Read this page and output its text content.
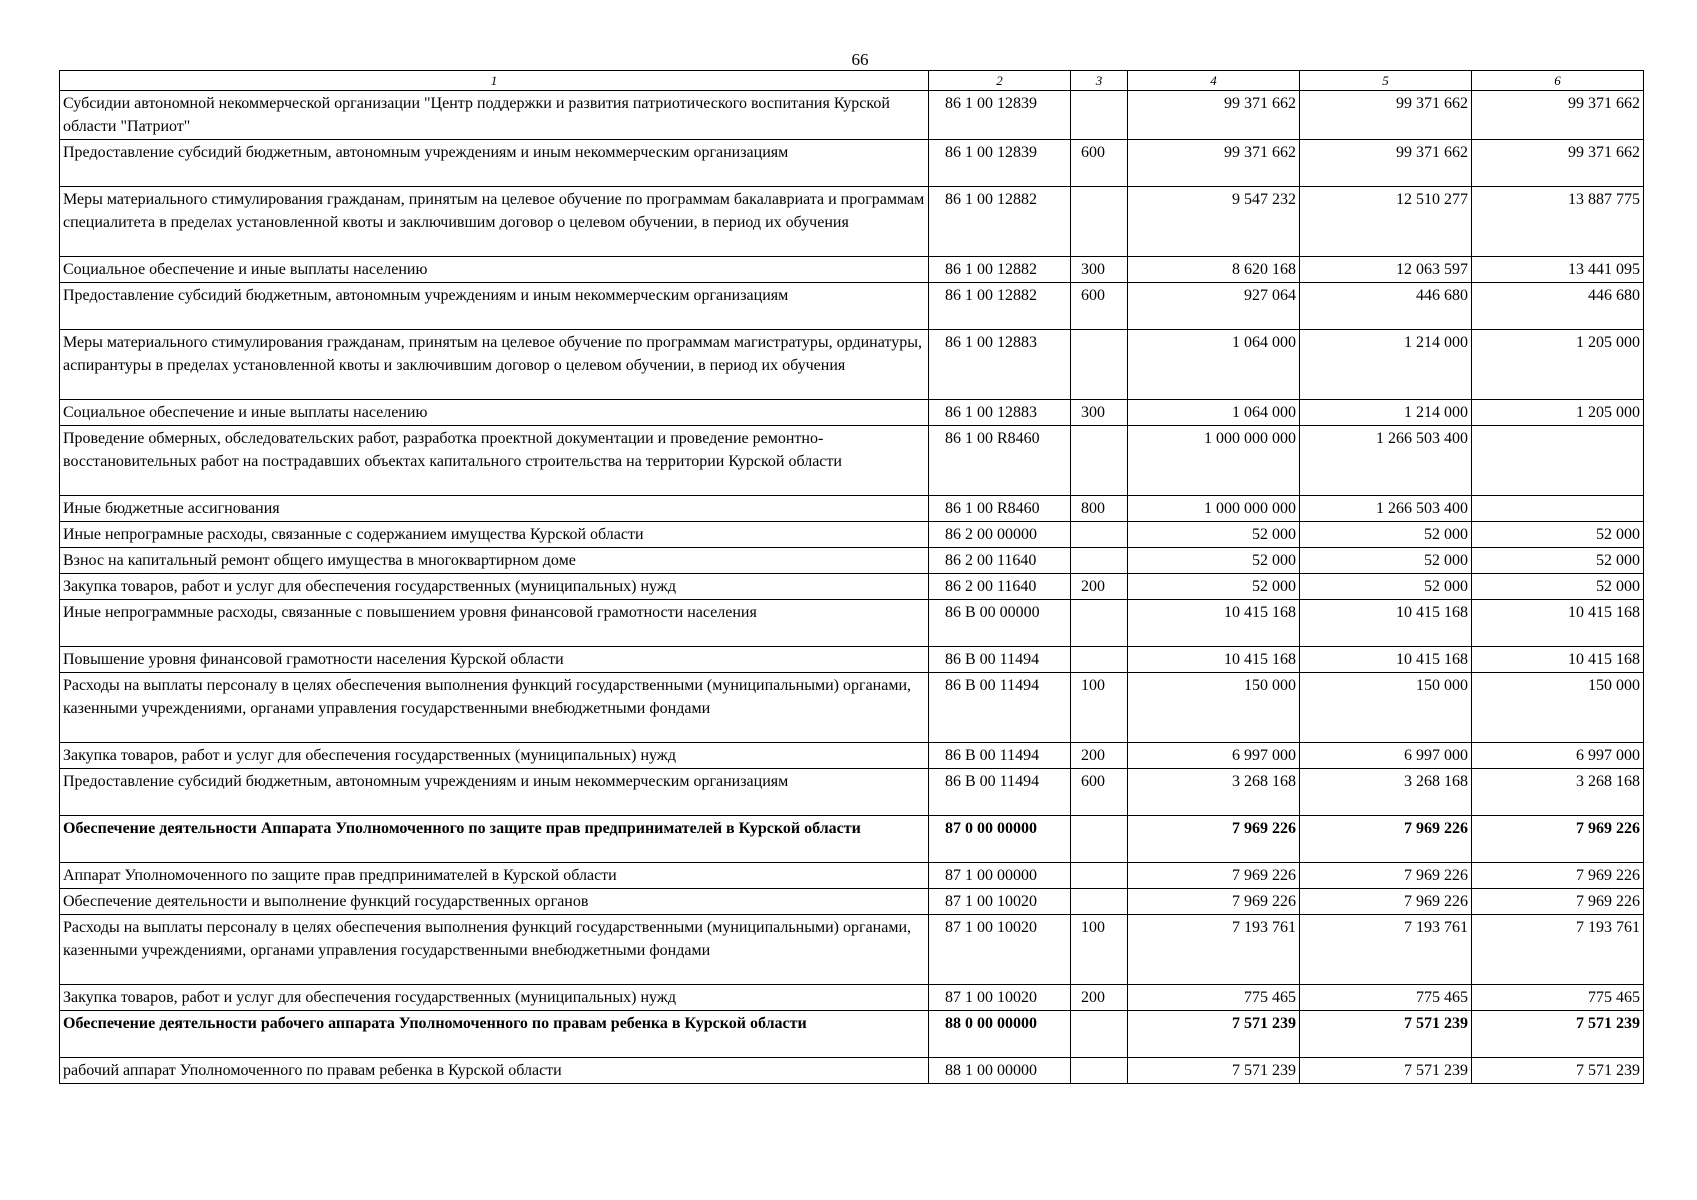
66
1	2	3	4	5	6
Субсидии автономной некоммерческой организации "Центр поддержки и развития патриотического воспитания Курской области "Патриот"	86 1 00 12839		99 371 662	99 371 662	99 371 662
Предоставление субсидий бюджетным, автономным учреждениям и иным некоммерческим организациям	86 1 00 12839	600	99 371 662	99 371 662	99 371 662
Меры материального стимулирования гражданам, принятым на целевое обучение по программам бакалавриата и программам специалитета в пределах установленной квоты и заключившим договор о целевом обучении, в период их обучения	86 1 00 12882		9 547 232	12 510 277	13 887 775
Социальное обеспечение и иные выплаты населению	86 1 00 12882	300	8 620 168	12 063 597	13 441 095
Предоставление субсидий бюджетным, автономным учреждениям и иным некоммерческим организациям	86 1 00 12882	600	927 064	446 680	446 680
Меры материального стимулирования гражданам, принятым на целевое обучение по программам магистратуры, ординатуры, аспирантуры в пределах установленной квоты и заключившим договор о целевом обучении, в период их обучения	86 1 00 12883		1 064 000	1 214 000	1 205 000
Социальное обеспечение и иные выплаты населению	86 1 00 12883	300	1 064 000	1 214 000	1 205 000
Проведение обмерных, обследовательских работ, разработка проектной документации и проведение ремонтно-восстановительных работ на пострадавших объектах капитального строительства на территории Курской области	86 1 00 R8460		1 000 000 000	1 266 503 400	
Иные бюджетные ассигнования	86 1 00 R8460	800	1 000 000 000	1 266 503 400	
Иные непрограмные расходы, связанные с содержанием имущества Курской области	86 2 00 00000		52 000	52 000	52 000
Взнос на капитальный ремонт общего имущества в многоквартирном доме	86 2 00 11640		52 000	52 000	52 000
Закупка товаров, работ и услуг для обеспечения государственных (муниципальных) нужд	86 2 00 11640	200	52 000	52 000	52 000
Иные непрограммные расходы, связанные с повышением уровня финансовой грамотности населения	86 В 00 00000		10 415 168	10 415 168	10 415 168
Повышение уровня финансовой грамотности населения Курской области	86 В 00 11494		10 415 168	10 415 168	10 415 168
Расходы на выплаты персоналу в целях обеспечения выполнения функций государственными (муниципальными) органами, казенными учреждениями, органами управления государственными внебюджетными фондами	86 В 00 11494	100	150 000	150 000	150 000
Закупка товаров, работ и услуг для обеспечения государственных (муниципальных) нужд	86 В 00 11494	200	6 997 000	6 997 000	6 997 000
Предоставление субсидий бюджетным, автономным учреждениям и иным некоммерческим организациям	86 В 00 11494	600	3 268 168	3 268 168	3 268 168
Обеспечение деятельности Аппарата Уполномоченного по защите прав предпринимателей в Курской области	87 0 00 00000		7 969 226	7 969 226	7 969 226
Аппарат Уполномоченного по защите прав предпринимателей в Курской области	87 1 00 00000		7 969 226	7 969 226	7 969 226
Обеспечение деятельности и выполнение функций государственных органов	87 1 00 10020		7 969 226	7 969 226	7 969 226
Расходы на выплаты персоналу в целях обеспечения выполнения функций государственными (муниципальными) органами, казенными учреждениями, органами управления государственными внебюджетными фондами	87 1 00 10020	100	7 193 761	7 193 761	7 193 761
Закупка товаров, работ и услуг для обеспечения государственных (муниципальных) нужд	87 1 00 10020	200	775 465	775 465	775 465
Обеспечение деятельности рабочего аппарата Уполномоченного по правам ребенка в Курской области	88 0 00 00000		7 571 239	7 571 239	7 571 239
рабочий аппарат Уполномоченного по правам ребенка в Курской области	88 1 00 00000		7 571 239	7 571 239	7 571 239
